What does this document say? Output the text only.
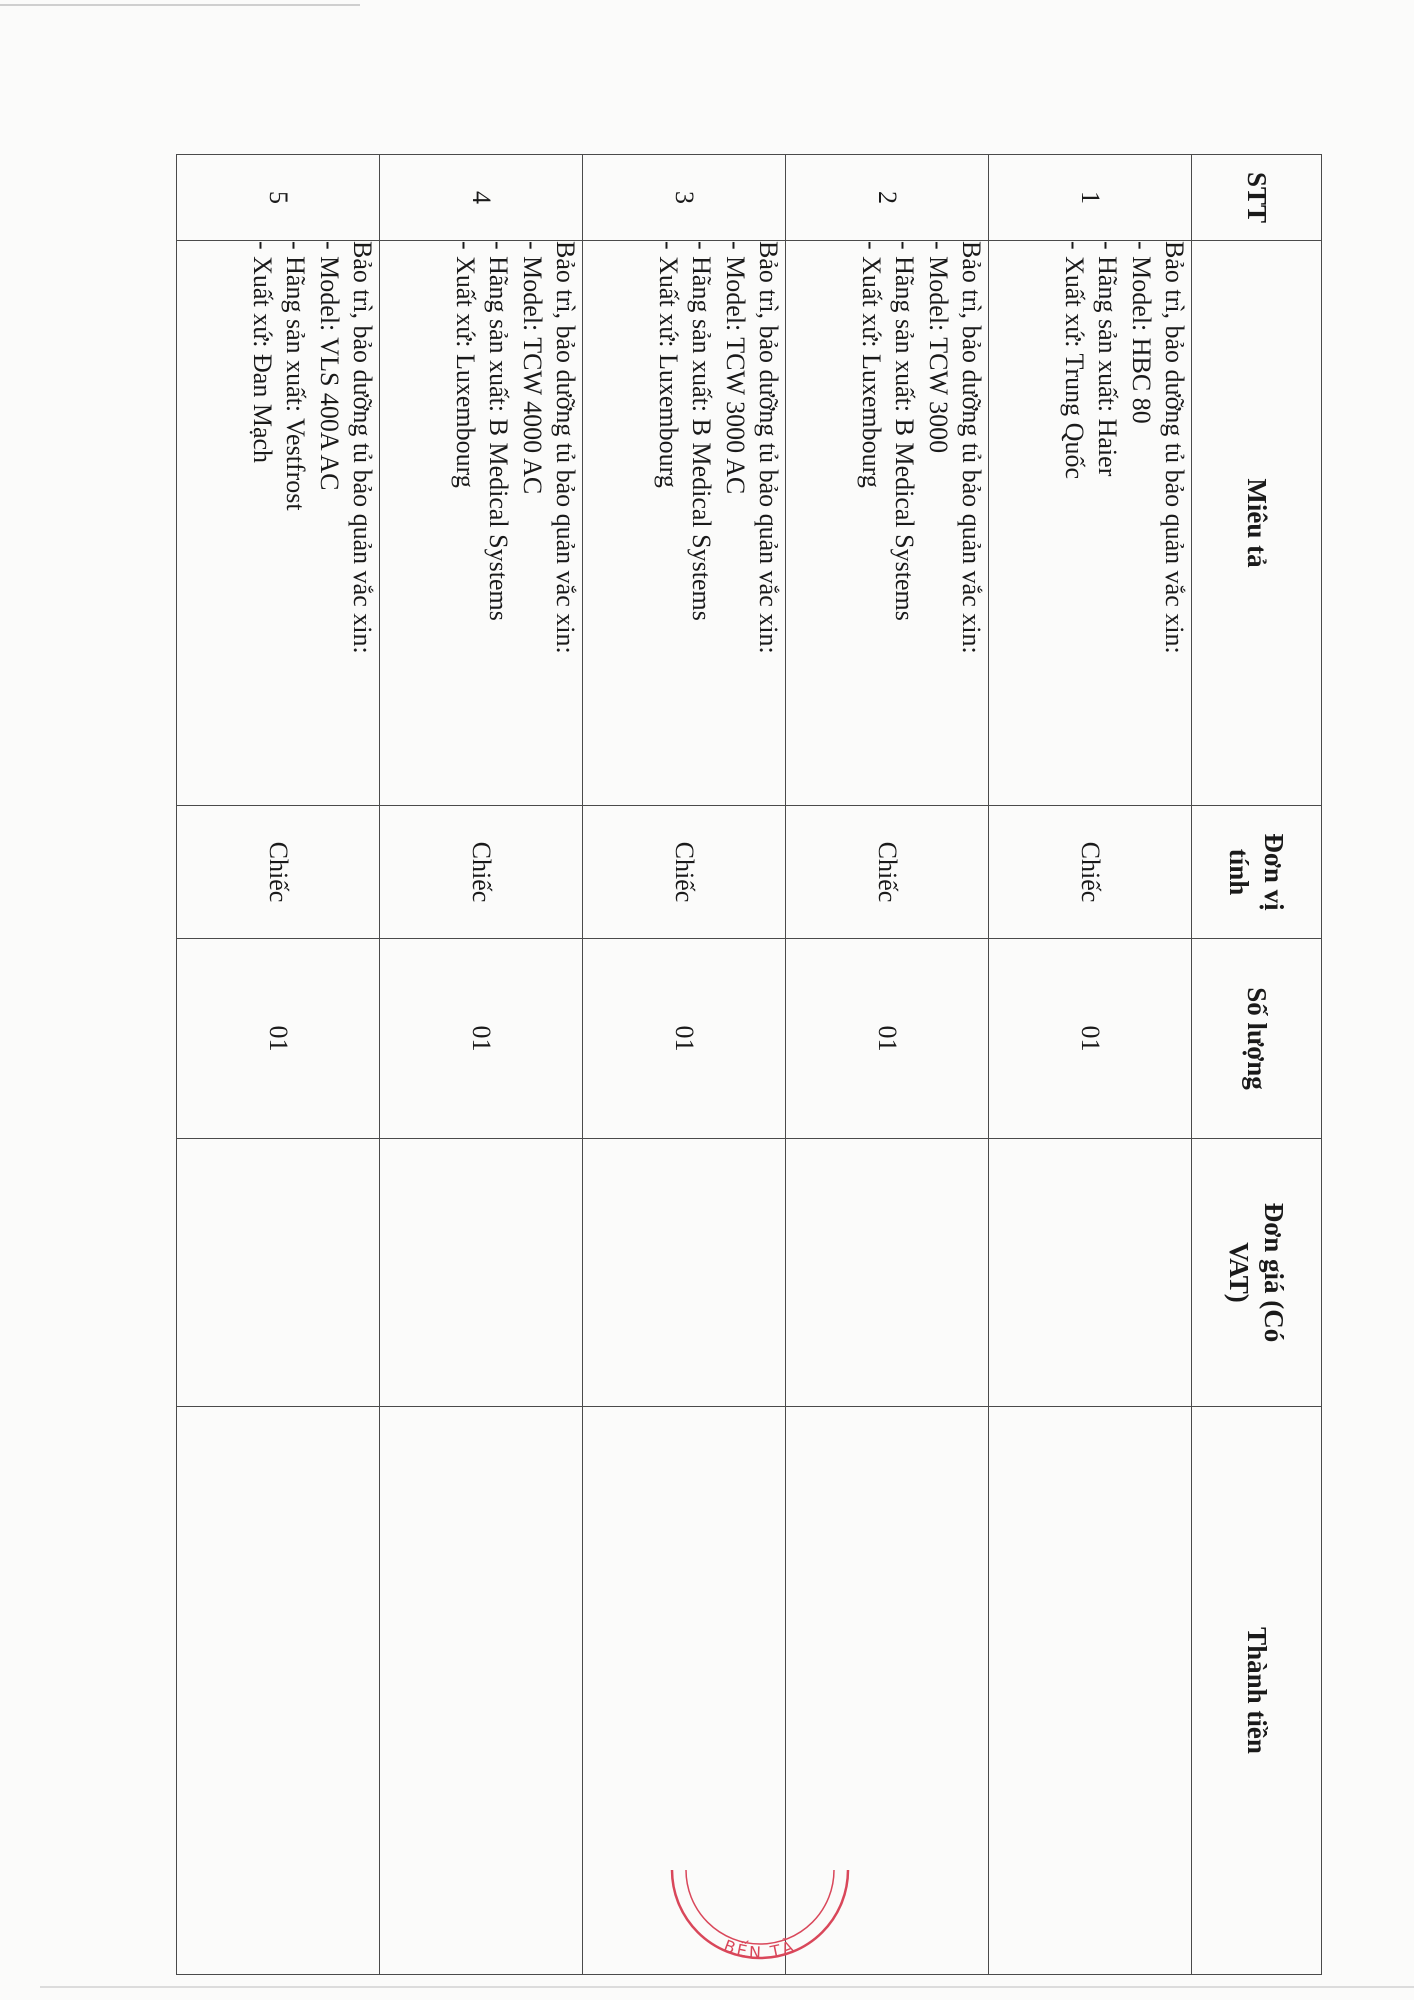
STT	Miêu tả	Đơn vị tính	Số lượng	Đơn giá (Có VAT)	Thành tiền
1	Bảo trì, bảo dưỡng tủ bảo quản vắc xin:
- Model: HBC 80
- Hãng sản xuất: Haier
- Xuất xứ: Trung Quốc	Chiếc	01		
2	Bảo trì, bảo dưỡng tủ bảo quản vắc xin:
- Model: TCW 3000
- Hãng sản xuất: B Medical Systems
- Xuất xứ: Luxembourg	Chiếc	01		
3	Bảo trì, bảo dưỡng tủ bảo quản vắc xin:
- Model: TCW 3000 AC
- Hãng sản xuất: B Medical Systems
- Xuất xứ: Luxembourg	Chiếc	01		
4	Bảo trì, bảo dưỡng tủ bảo quản vắc xin:
- Model: TCW 4000 AC
- Hãng sản xuất: B Medical Systems
- Xuất xứ: Luxembourg	Chiếc	01		
5	Bảo trì, bảo dưỡng tủ bảo quản vắc xin:
- Model: VLS 400A AC
- Hãng sản xuất: Vestfrost
- Xuất xứ: Đan Mạch	Chiếc	01		
BẾN TẢ
